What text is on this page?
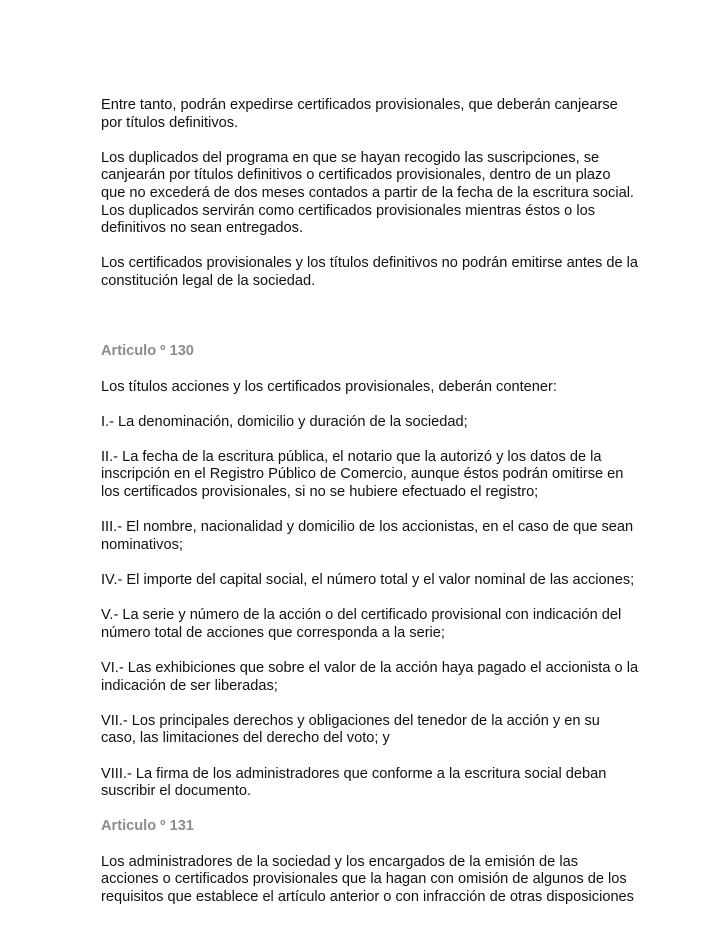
Entre tanto, podrán expedirse certificados provisionales, que deberán canjearse
por títulos definitivos.

Los duplicados del programa en que se hayan recogido las suscripciones, se
canjearán por títulos definitivos o certificados provisionales, dentro de un plazo
que no excederá de dos meses contados a partir de la fecha de la escritura social.
Los duplicados servirán como certificados provisionales mientras éstos o los
definitivos no sean entregados.

Los certificados provisionales y los títulos definitivos no podrán emitirse antes de la
constitución legal de la sociedad.

Articulo º 130

Los títulos acciones y los certificados provisionales, deberán contener:

I.- La denominación, domicilio y duración de la sociedad;

II.- La fecha de la escritura pública, el notario que la autorizó y los datos de la
inscripción en el Registro Público de Comercio, aunque éstos podrán omitirse en
los certificados provisionales, si no se hubiere efectuado el registro;

III.- El nombre, nacionalidad y domicilio de los accionistas, en el caso de que sean
nominativos;

IV.- El importe del capital social, el número total y el valor nominal de las acciones;

V.- La serie y número de la acción o del certificado provisional con indicación del
número total de acciones que corresponda a la serie;

VI.- Las exhibiciones que sobre el valor de la acción haya pagado el accionista o la
indicación de ser liberadas;

VII.- Los principales derechos y obligaciones del tenedor de la acción y en su
caso, las limitaciones del derecho del voto; y

VIII.- La firma de los administradores que conforme a la escritura social deban
suscribir el documento.

Articulo º 131

Los administradores de la sociedad y los encargados de la emisión de las
acciones o certificados provisionales que la hagan con omisión de algunos de los
requisitos que establece el artículo anterior o con infracción de otras disposiciones
